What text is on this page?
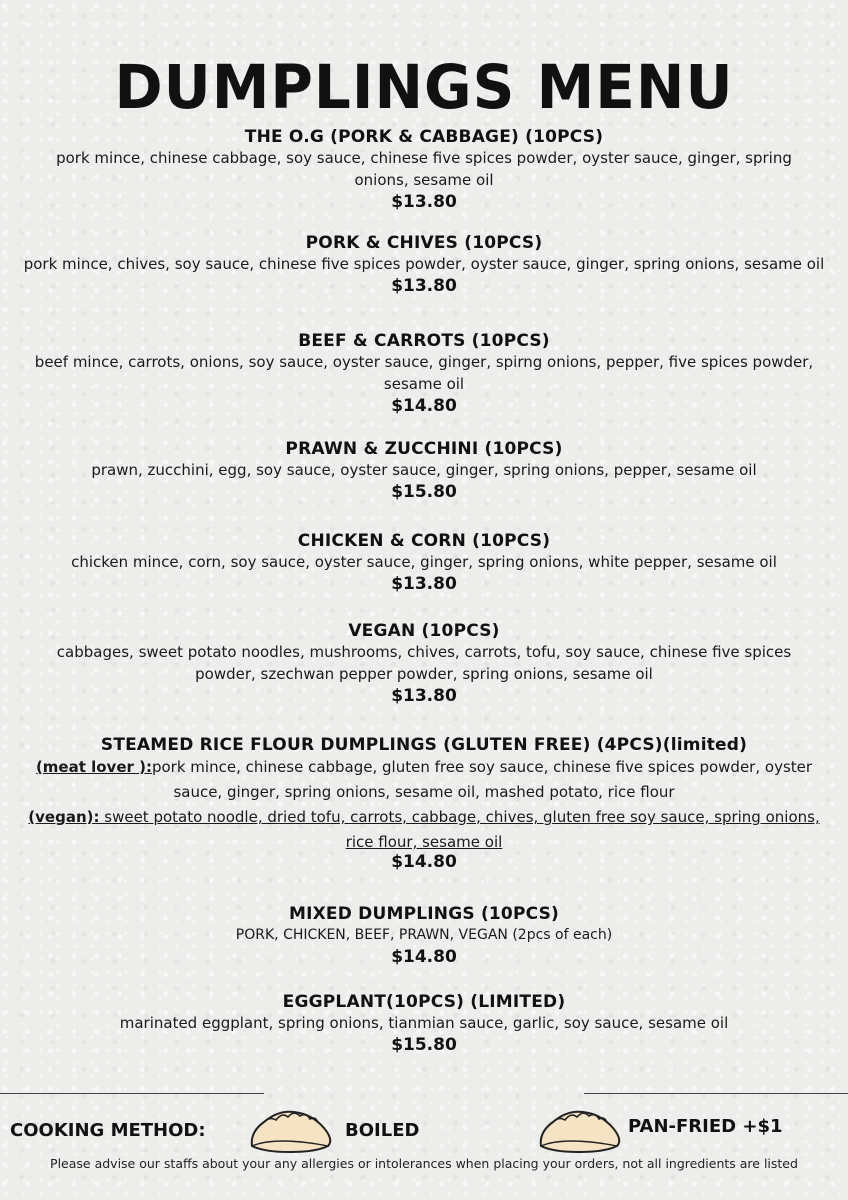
DUMPLINGS MENU
THE O.G (PORK & CABBAGE) (10PCS)
pork mince, chinese cabbage, soy sauce, chinese five spices powder, oyster sauce, ginger, spring onions, sesame oil
$13.80
PORK & CHIVES (10PCS)
pork mince, chives, soy sauce, chinese five spices powder, oyster sauce, ginger, spring onions, sesame oil
$13.80
BEEF & CARROTS (10PCS)
beef mince, carrots, onions, soy sauce, oyster sauce, ginger, spirng onions, pepper, five spices powder, sesame oil
$14.80
PRAWN & ZUCCHINI (10PCS)
prawn, zucchini, egg, soy sauce, oyster sauce, ginger, spring onions, pepper, sesame oil
$15.80
CHICKEN & CORN (10PCS)
chicken mince, corn, soy sauce, oyster sauce, ginger, spring onions, white pepper, sesame oil
$13.80
VEGAN (10PCS)
cabbages, sweet potato noodles, mushrooms, chives, carrots, tofu, soy sauce, chinese five spices powder, szechwan pepper powder, spring onions, sesame oil
$13.80
STEAMED RICE FLOUR DUMPLINGS (GLUTEN FREE) (4PCS)(limited)
(meat lover ):pork mince, chinese cabbage, gluten free soy sauce, chinese five spices powder, oyster sauce, ginger, spring onions, sesame oil, mashed potato, rice flour
(vegan): sweet potato noodle, dried tofu, carrots, cabbage, chives, gluten free soy sauce, spring onions, rice flour, sesame oil
$14.80
MIXED DUMPLINGS (10PCS)
PORK, CHICKEN, BEEF, PRAWN, VEGAN (2pcs of each)
$14.80
EGGPLANT(10PCS) (LIMITED)
marinated eggplant, spring onions, tianmian sauce, garlic, soy sauce, sesame oil
$15.80
COOKING METHOD:	BOILED	PAN-FRIED +$1
Please advise our staffs about your any allergies or intolerances when placing your orders, not all ingredients are listed
